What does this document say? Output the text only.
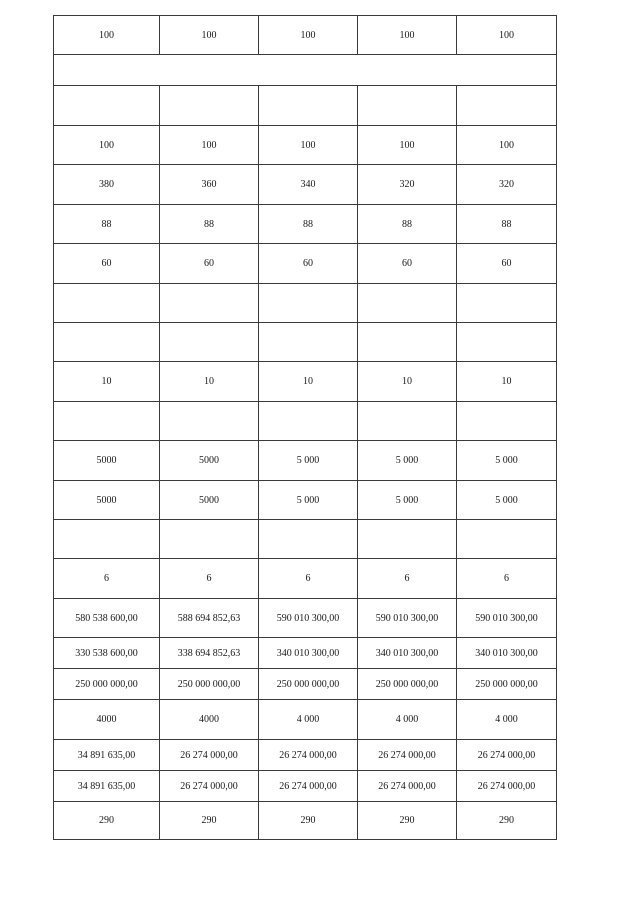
100	100	100	100	100

100	100	100	100	100
380	360	340	320	320
88	88	88	88	88
60	60	60	60	60

10	10	10	10	10

5000	5000	5 000	5 000	5 000
5000	5000	5 000	5 000	5 000

6	6	6	6	6
580 538 600,00	588 694 852,63	590 010 300,00	590 010 300,00	590 010 300,00
330 538 600,00	338 694 852,63	340 010 300,00	340 010 300,00	340 010 300,00
250 000 000,00	250 000 000,00	250 000 000,00	250 000 000,00	250 000 000,00
4000	4000	4 000	4 000	4 000
34 891 635,00	26 274 000,00	26 274 000,00	26 274 000,00	26 274 000,00
34 891 635,00	26 274 000,00	26 274 000,00	26 274 000,00	26 274 000,00
290	290	290	290	290
